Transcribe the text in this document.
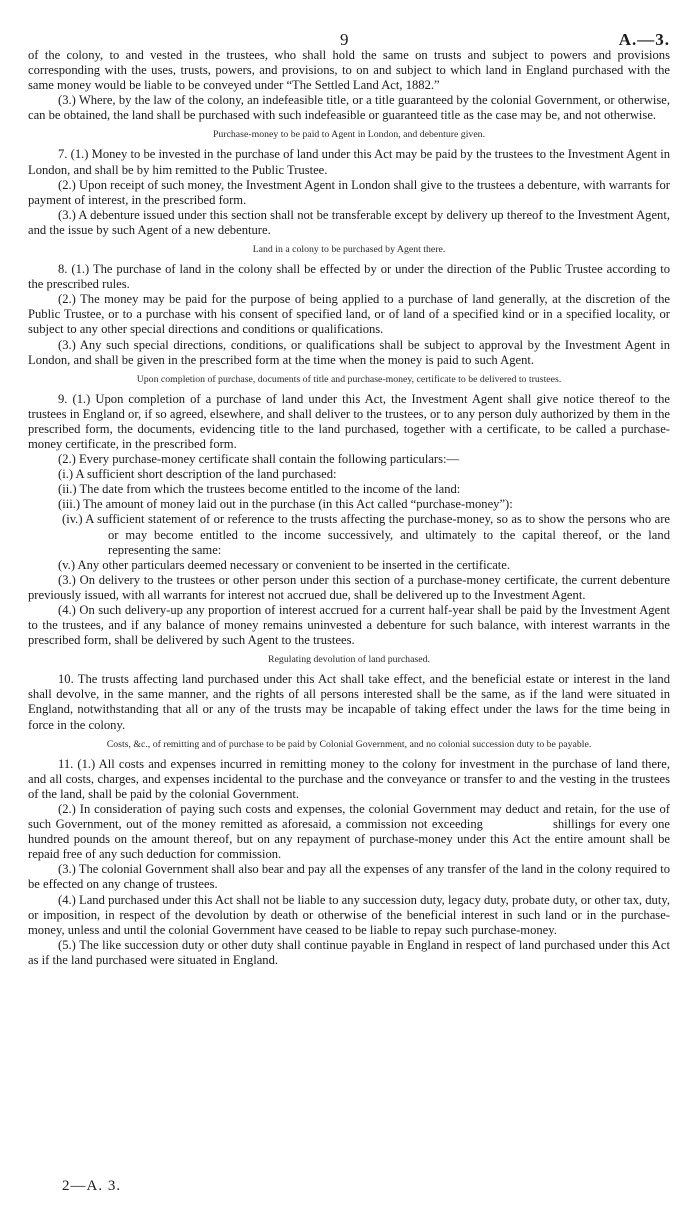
9	A.—3.

of the colony, to and vested in the trustees, who shall hold the same on trusts and subject to powers and provisions corresponding with the uses, trusts, powers, and provisions, to on and subject to which land in England purchased with the same money would be liable to be conveyed under “The Settled Land Act, 1882.”

(3.) Where, by the law of the colony, an indefeasible title, or a title guaranteed by the colonial Government, or otherwise, can be obtained, the land shall be purchased with such indefeasible or guaranteed title as the case may be, and not otherwise.

Purchase-money to be paid to Agent in London, and debenture given.

7. (1.) Money to be invested in the purchase of land under this Act may be paid by the trustees to the Investment Agent in London, and shall be by him remitted to the Public Trustee.

(2.) Upon receipt of such money, the Investment Agent in London shall give to the trustees a debenture, with warrants for payment of interest, in the prescribed form.

(3.) A debenture issued under this section shall not be transferable except by delivery up thereof to the Investment Agent, and the issue by such Agent of a new debenture.

Land in a colony to be purchased by Agent there.

8. (1.) The purchase of land in the colony shall be effected by or under the direction of the Public Trustee according to the prescribed rules.

(2.) The money may be paid for the purpose of being applied to a purchase of land generally, at the discretion of the Public Trustee, or to a purchase with his consent of specified land, or of land of a specified kind or in a specified locality, or subject to any other special directions and conditions or qualifications.

(3.) Any such special directions, conditions, or qualifications shall be subject to approval by the Investment Agent in London, and shall be given in the prescribed form at the time when the money is paid to such Agent.

Upon completion of purchase, documents of title and purchase-money, certificate to be delivered to trustees.

9. (1.) Upon completion of a purchase of land under this Act, the Investment Agent shall give notice thereof to the trustees in England or, if so agreed, elsewhere, and shall deliver to the trustees, or to any person duly authorized by them in the prescribed form, the documents, evidencing title to the land purchased, together with a certificate, to be called a purchase-money certificate, in the prescribed form.

(2.) Every purchase-money certificate shall contain the following particulars:—

(i.) A sufficient short description of the land purchased:

(ii.) The date from which the trustees become entitled to the income of the land:

(iii.) The amount of money laid out in the purchase (in this Act called “purchase-money”):

(iv.) A sufficient statement of or reference to the trusts affecting the purchase-money, so as to show the persons who are or may become entitled to the income successively, and ultimately to the capital thereof, or the land representing the same:

(v.) Any other particulars deemed necessary or convenient to be inserted in the certificate.

(3.) On delivery to the trustees or other person under this section of a purchase-money certificate, the current debenture previously issued, with all warrants for interest not accrued due, shall be delivered up to the Investment Agent.

(4.) On such delivery-up any proportion of interest accrued for a current half-year shall be paid by the Investment Agent to the trustees, and if any balance of money remains uninvested a debenture for such balance, with interest warrants in the prescribed form, shall be delivered by such Agent to the trustees.

Regulating devolution of land purchased.

10. The trusts affecting land purchased under this Act shall take effect, and the beneficial estate or interest in the land shall devolve, in the same manner, and the rights of all persons interested shall be the same, as if the land were situated in England, notwithstanding that all or any of the trusts may be incapable of taking effect under the laws for the time being in force in the colony.

Costs, &c., of remitting and of purchase to be paid by Colonial Government, and no colonial succession duty to be payable.

11. (1.) All costs and expenses incurred in remitting money to the colony for investment in the purchase of land there, and all costs, charges, and expenses incidental to the purchase and the conveyance or transfer to and the vesting in the trustees of the land, shall be paid by the colonial Government.

(2.) In consideration of paying such costs and expenses, the colonial Government may deduct and retain, for the use of such Government, out of the money remitted as aforesaid, a commission not exceeding	shillings for every one hundred pounds on the amount thereof, but on any repayment of purchase-money under this Act the entire amount shall be repaid free of any such deduction for commission.

(3.) The colonial Government shall also bear and pay all the expenses of any transfer of the land in the colony required to be effected on any change of trustees.

(4.) Land purchased under this Act shall not be liable to any succession duty, legacy duty, probate duty, or other tax, duty, or imposition, in respect of the devolution by death or otherwise of the beneficial interest in such land or in the purchase-money, unless and until the colonial Government have ceased to be liable to repay such purchase-money.

(5.) The like succession duty or other duty shall continue payable in England in respect of land purchased under this Act as if the land purchased were situated in England.

2—A. 3.
